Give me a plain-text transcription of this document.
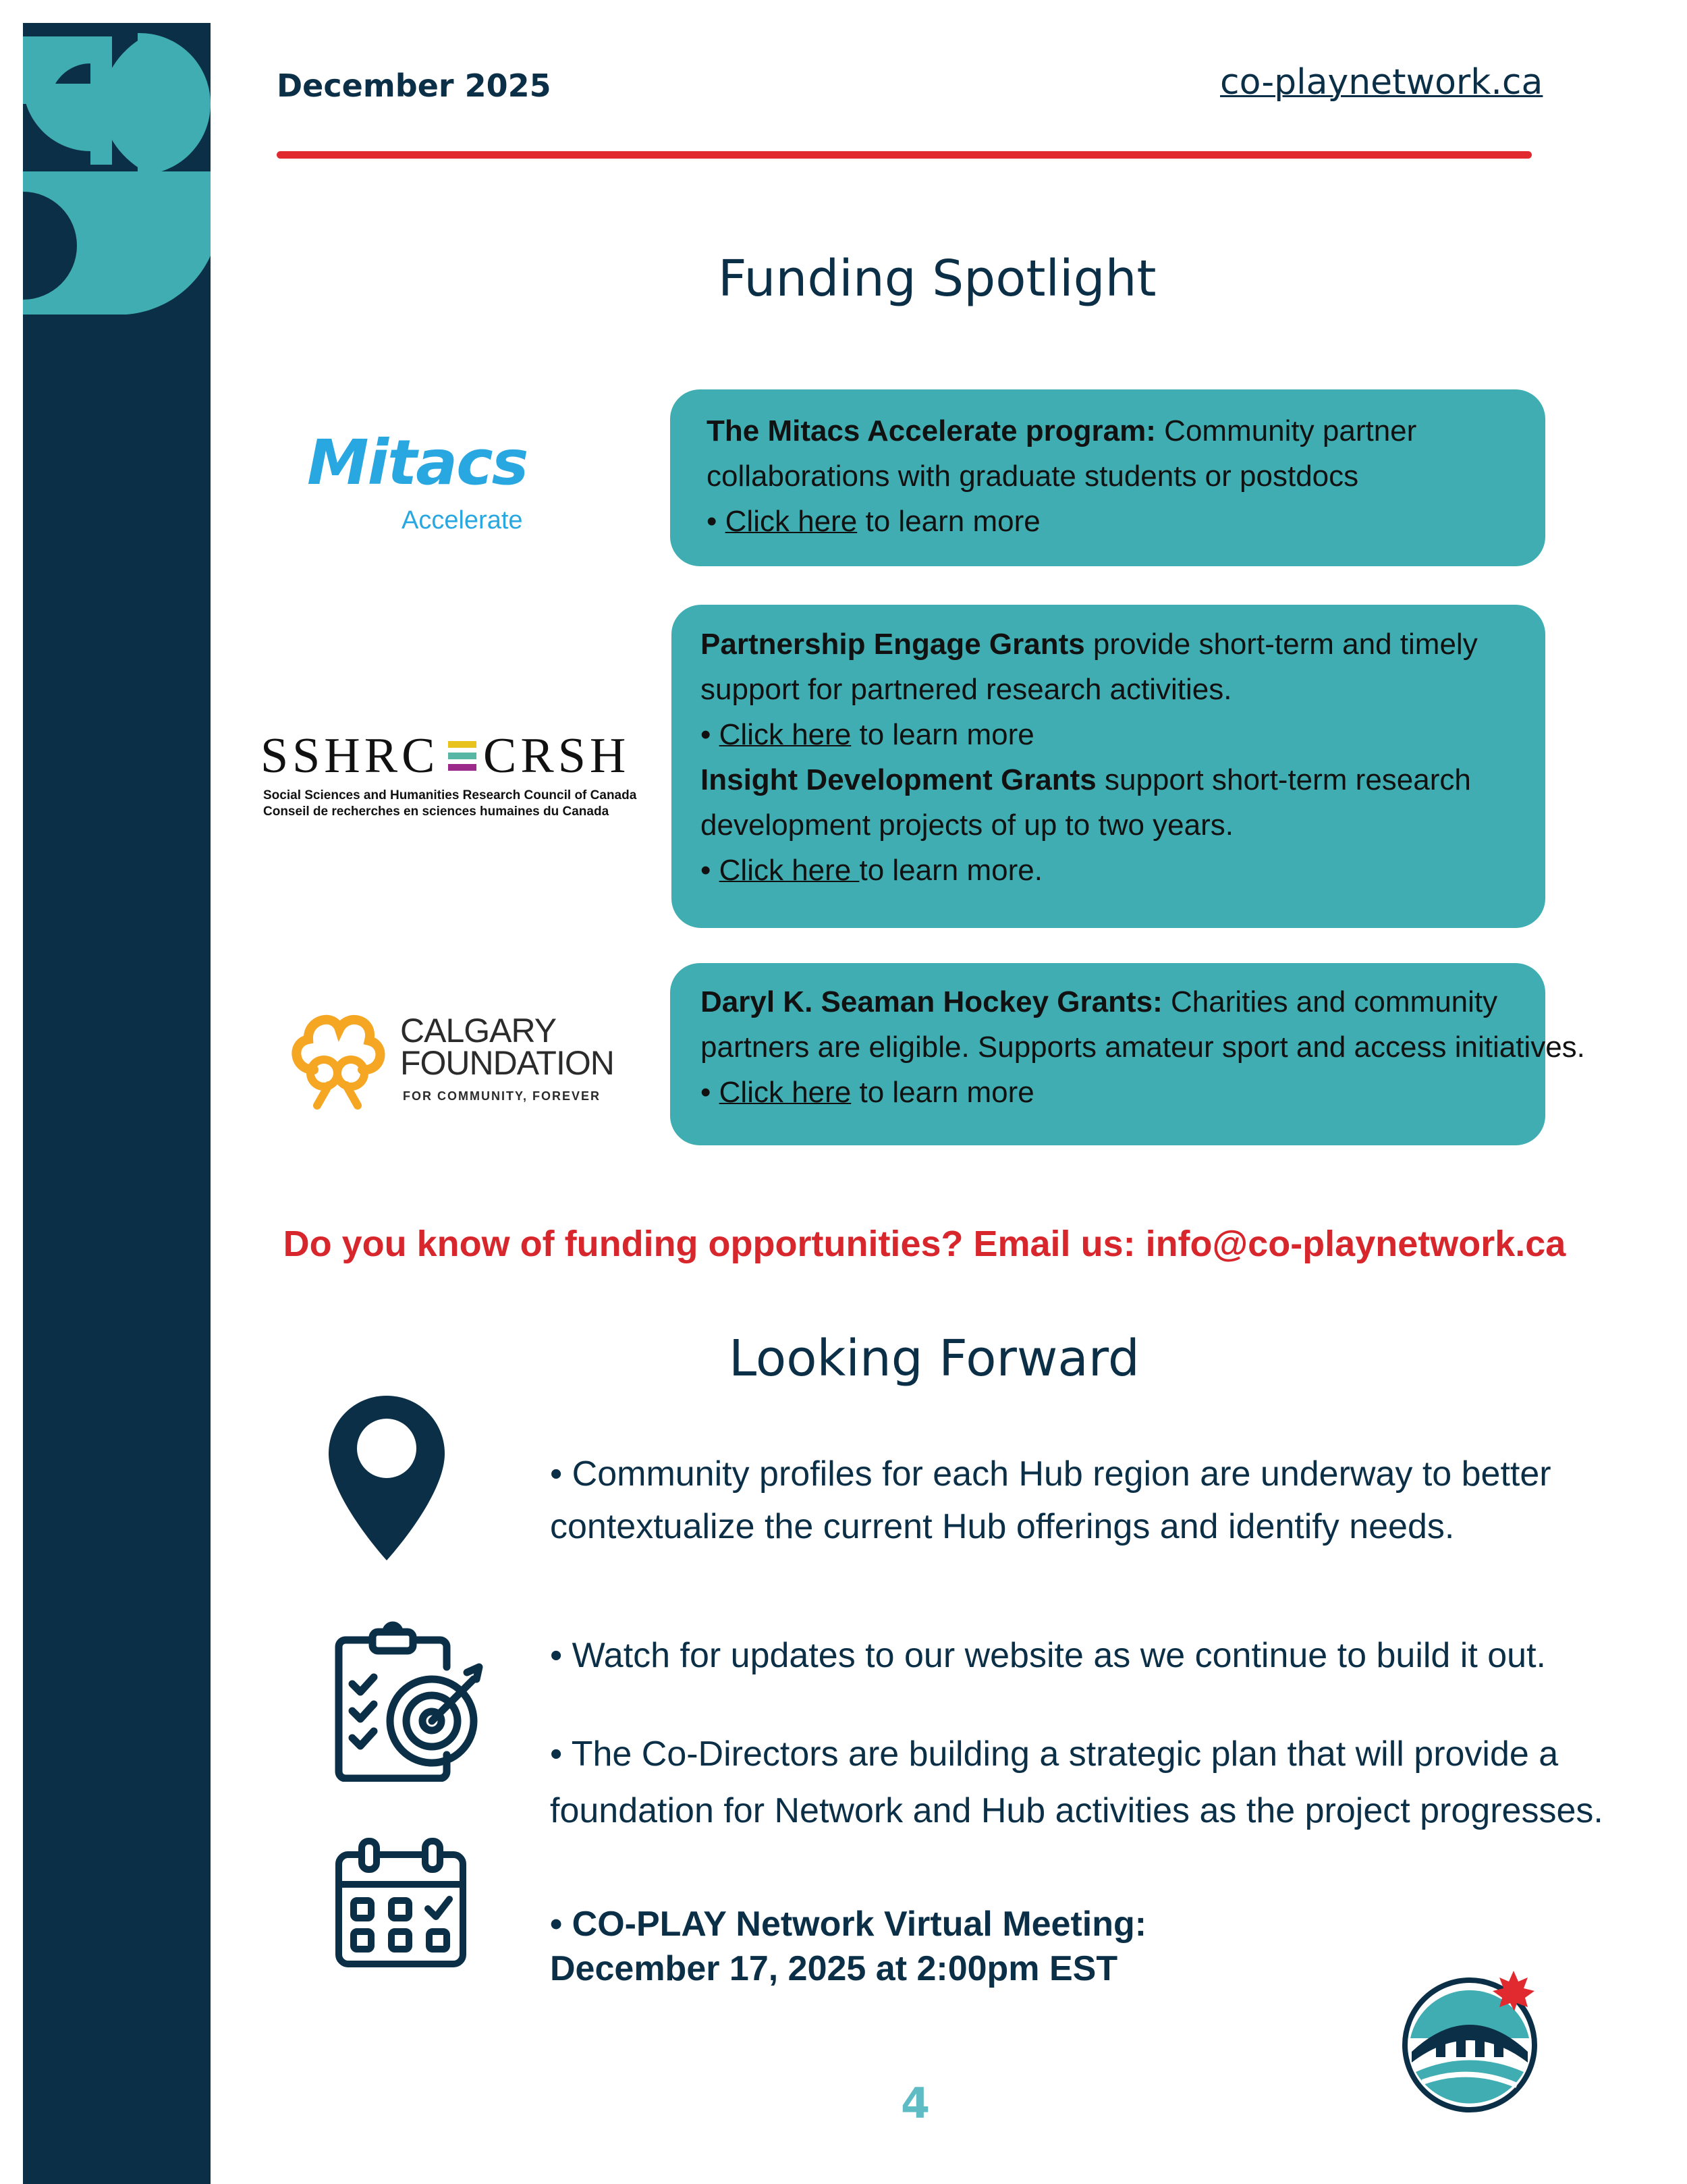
December 2025	co-playnetwork.ca
Funding Spotlight
Mitacs
Accelerate
The Mitacs Accelerate program: Community partner
collaborations with graduate students or postdocs
• Click here to learn more
SSHRC CRSH
Social Sciences and Humanities Research Council of Canada
Conseil de recherches en sciences humaines du Canada
Partnership Engage Grants provide short-term and timely
support for partnered research activities.
• Click here to learn more
Insight Development Grants support short-term research
development projects of up to two years.
• Click here to learn more.
CALGARY
FOUNDATION
FOR COMMUNITY, FOREVER
Daryl K. Seaman Hockey Grants: Charities and community
partners are eligible. Supports amateur sport and access initiatives.
• Click here to learn more
Do you know of funding opportunities? Email us: info@co-playnetwork.ca
Looking Forward
• Community profiles for each Hub region are underway to better
contextualize the current Hub offerings and identify needs.
• Watch for updates to our website as we continue to build it out.
• The Co-Directors are building a strategic plan that will provide a
foundation for Network and Hub activities as the project progresses.
• CO-PLAY Network Virtual Meeting:
December 17, 2025 at 2:00pm EST
4
